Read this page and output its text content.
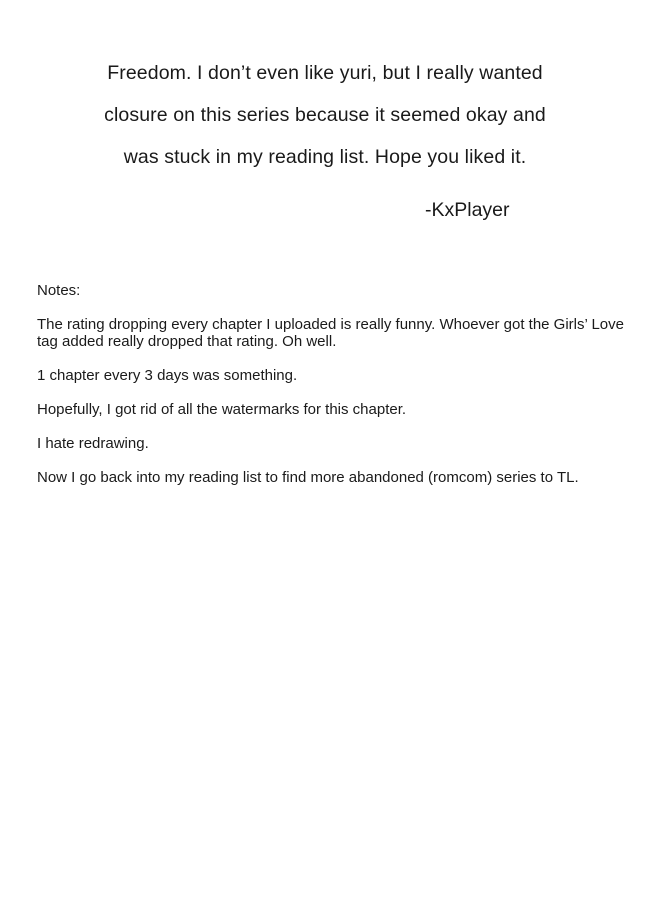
Freedom. I don’t even like yuri, but I really wanted
closure on this series because it seemed okay and
was stuck in my reading list. Hope you liked it.
-KxPlayer
Notes:
The rating dropping every chapter I uploaded is really funny. Whoever got the Girls’ Love tag added really dropped that rating. Oh well.
1 chapter every 3 days was something.
Hopefully, I got rid of all the watermarks for this chapter.
I hate redrawing.
Now I go back into my reading list to find more abandoned (romcom) series to TL.
